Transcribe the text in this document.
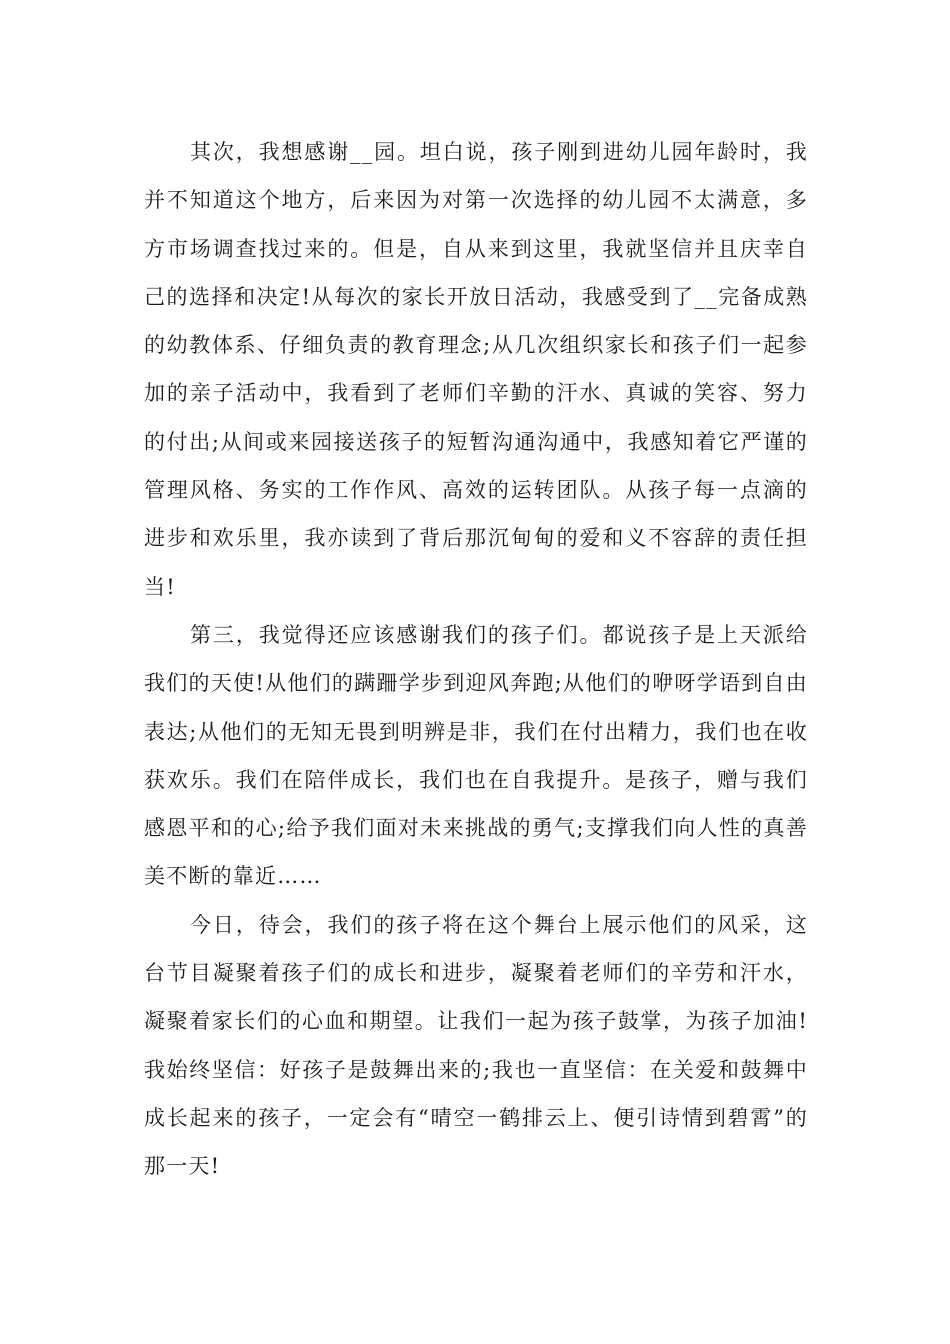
其次，我想感谢__园。坦白说，孩子刚到进幼儿园年龄时，我并不知道这个地方，后来因为对第一次选择的幼儿园不太满意，多方市场调查找过来的。但是，自从来到这里，我就坚信并且庆幸自己的选择和决定!从每次的家长开放日活动，我感受到了__完备成熟的幼教体系、仔细负责的教育理念;从几次组织家长和孩子们一起参加的亲子活动中，我看到了老师们辛勤的汗水、真诚的笑容、努力的付出;从间或来园接送孩子的短暂沟通沟通中，我感知着它严谨的管理风格、务实的工作作风、高效的运转团队。从孩子每一点滴的进步和欢乐里，我亦读到了背后那沉甸甸的爱和义不容辞的责任担当!

第三，我觉得还应该感谢我们的孩子们。都说孩子是上天派给我们的天使!从他们的蹒跚学步到迎风奔跑;从他们的咿呀学语到自由表达;从他们的无知无畏到明辨是非，我们在付出精力，我们也在收获欢乐。我们在陪伴成长，我们也在自我提升。是孩子，赠与我们感恩平和的心;给予我们面对未来挑战的勇气;支撑我们向人性的真善美不断的靠近……

今日，待会，我们的孩子将在这个舞台上展示他们的风采，这台节目凝聚着孩子们的成长和进步，凝聚着老师们的辛劳和汗水，凝聚着家长们的心血和期望。让我们一起为孩子鼓掌，为孩子加油!我始终坚信：好孩子是鼓舞出来的;我也一直坚信：在关爱和鼓舞中成长起来的孩子，一定会有“晴空一鹤排云上、便引诗情到碧霄”的那一天!
